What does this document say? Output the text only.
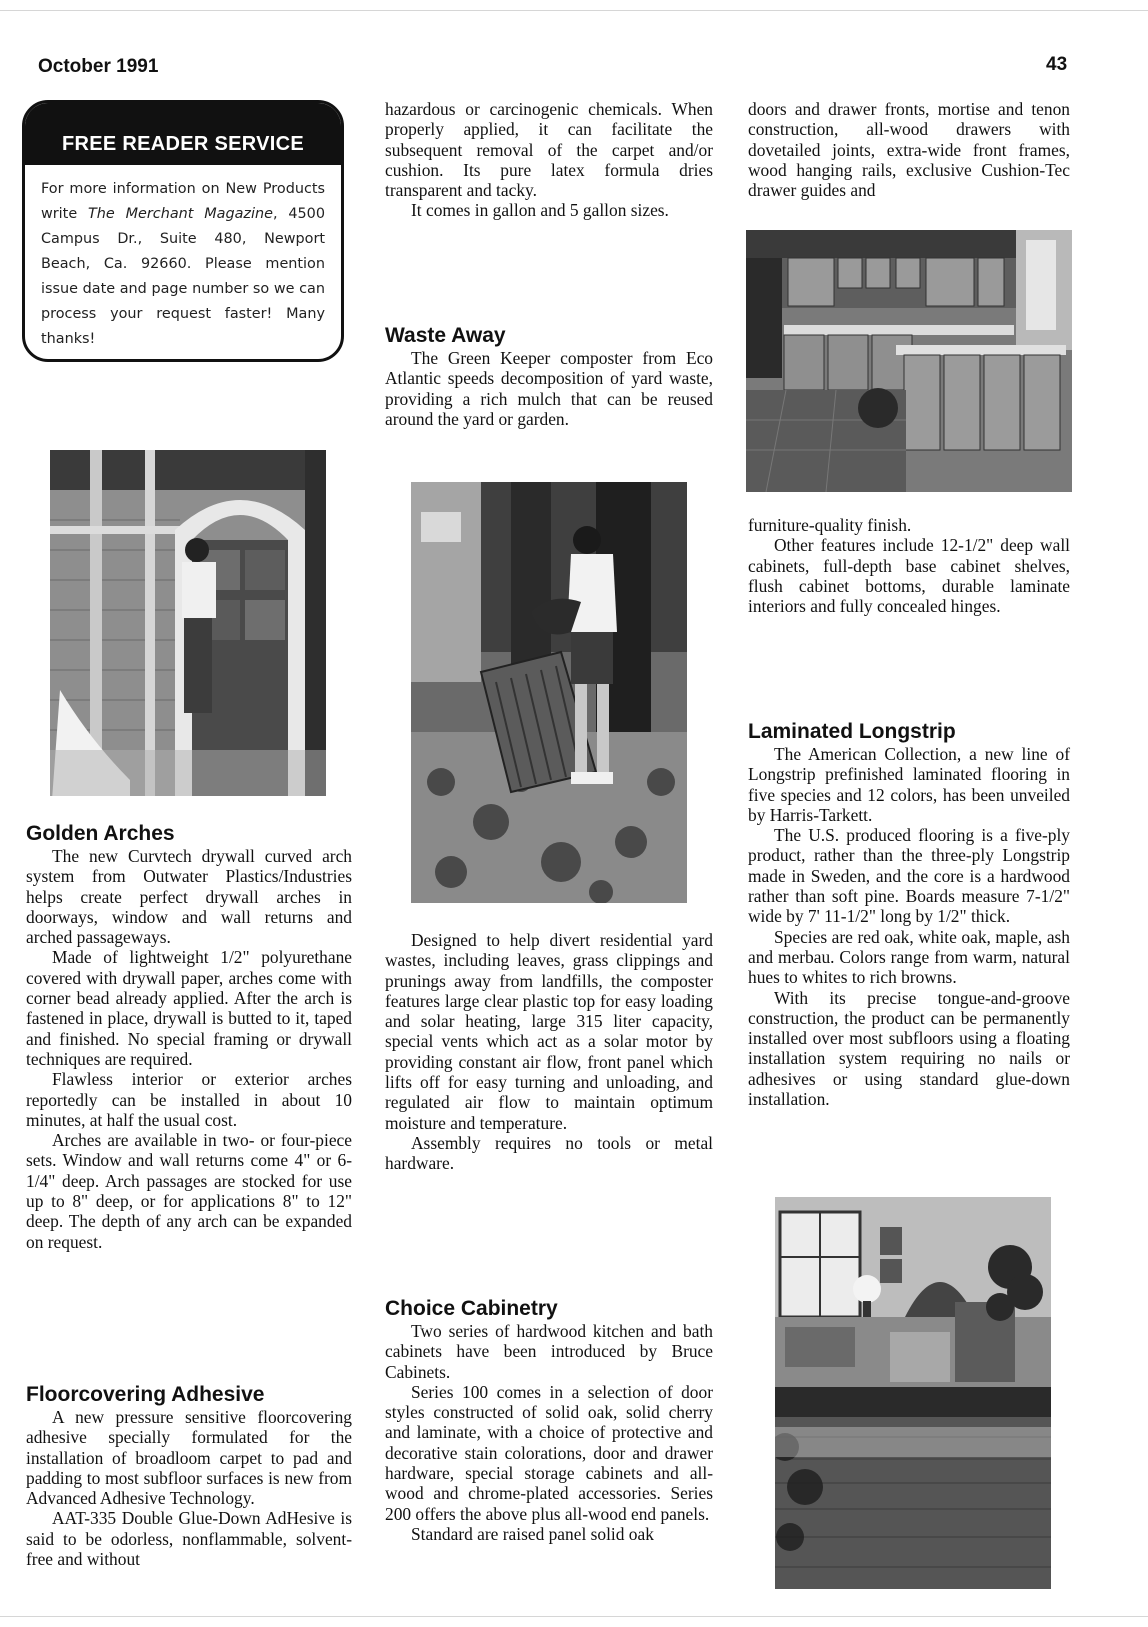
October 1991	43
FREE READER SERVICE
For more information on New Products write The Merchant Magazine, 4500 Campus Dr., Suite 480, Newport Beach, Ca. 92660. Please mention issue date and page number so we can process your request faster! Many thanks!
Golden Arches

The new Curvtech drywall curved arch system from Outwater Plastics/Industries helps create perfect drywall arches in doorways, window and wall returns and arched passageways.

Made of lightweight 1/2" polyurethane covered with drywall paper, arches come with corner bead already applied. After the arch is fastened in place, drywall is butted to it, taped and finished. No special framing or drywall techniques are required.

Flawless interior or exterior arches reportedly can be installed in about 10 minutes, at half the usual cost.

Arches are available in two- or four-piece sets. Window and wall returns come 4" or 6-1/4" deep. Arch passages are stocked for use up to 8" deep, or for applications 8" to 12" deep. The depth of any arch can be expanded on request.

Floorcovering Adhesive

A new pressure sensitive floorcovering adhesive specially formulated for the installation of broadloom carpet to pad and padding to most subfloor surfaces is new from Advanced Adhesive Technology.

AAT-335 Double Glue-Down AdHesive is said to be odorless, nonflammable, solvent-free and without

hazardous or carcinogenic chemicals. When properly applied, it can facilitate the subsequent removal of the carpet and/or cushion. Its pure latex formula dries transparent and tacky.

It comes in gallon and 5 gallon sizes.

Waste Away

The Green Keeper composter from Eco Atlantic speeds decomposition of yard waste, providing a rich mulch that can be reused around the yard or garden.

Designed to help divert residential yard wastes, including leaves, grass clippings and prunings away from landfills, the composter features large clear plastic top for easy loading and solar heating, large 315 liter capacity, special vents which act as a solar motor by providing constant air flow, front panel which lifts off for easy turning and unloading, and regulated air flow to maintain optimum moisture and temperature.

Assembly requires no tools or metal hardware.

Choice Cabinetry

Two series of hardwood kitchen and bath cabinets have been introduced by Bruce Cabinets.

Series 100 comes in a selection of door styles constructed of solid oak, solid cherry and laminate, with a choice of protective and decorative stain colorations, door and drawer hardware, special storage cabinets and all-wood and chrome-plated accessories. Series 200 offers the above plus all-wood end panels.

Standard are raised panel solid oak

doors and drawer fronts, mortise and tenon construction, all-wood drawers with dovetailed joints, extra-wide front frames, wood hanging rails, exclusive Cushion-Tec drawer guides and

furniture-quality finish.

Other features include 12-1/2" deep wall cabinets, full-depth base cabinet shelves, flush cabinet bottoms, durable laminate interiors and fully concealed hinges.

Laminated Longstrip

The American Collection, a new line of Longstrip prefinished laminated flooring in five species and 12 colors, has been unveiled by Harris-Tarkett.

The U.S. produced flooring is a five-ply product, rather than the three-ply Longstrip made in Sweden, and the core is a hardwood rather than soft pine. Boards measure 7-1/2" wide by 7' 11-1/2" long by 1/2" thick.

Species are red oak, white oak, maple, ash and merbau. Colors range from warm, natural hues to whites to rich browns.

With its precise tongue-and-groove construction, the product can be permanently installed over most subfloors using a floating installation system requiring no nails or adhesives or using standard glue-down installation.
